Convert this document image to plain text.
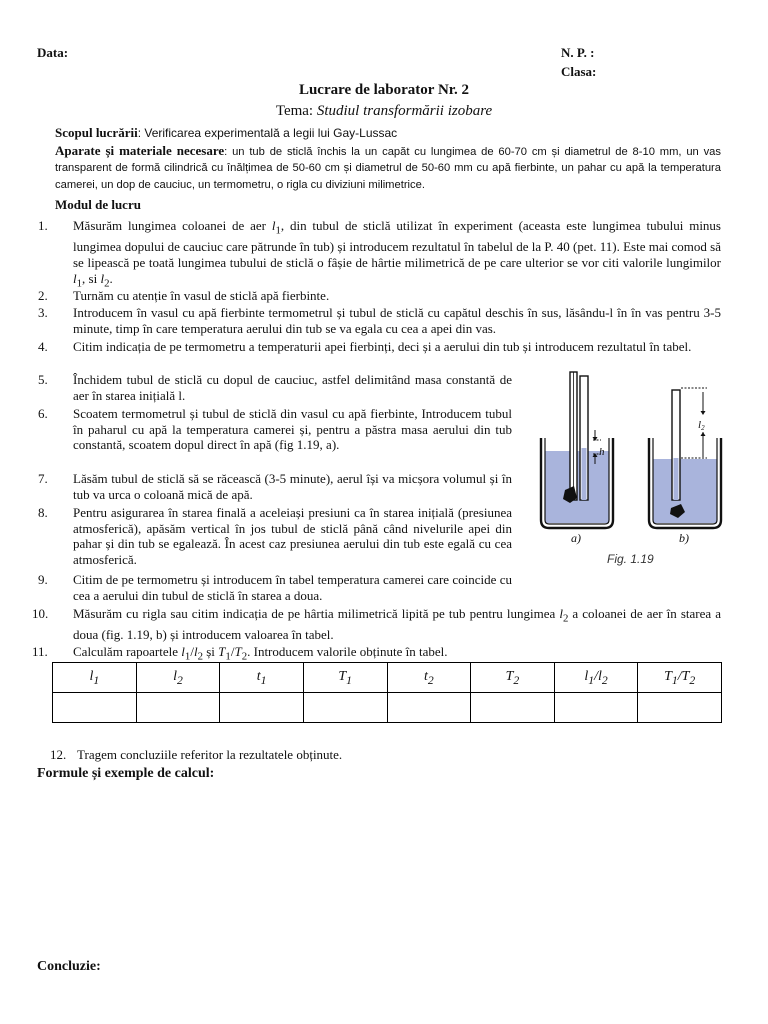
Data:	N. P. :
Clasa:
Lucrare de laborator Nr. 2
Tema: Studiul transformării izobare
Scopul lucrării: Verificarea experimentală a legii lui Gay-Lussac
Aparate și materiale necesare: un tub de sticlă închis la un capăt cu lungimea de 60-70 cm și diametrul de 8-10 mm, un vas transparent de formă cilindrică cu înălțimea de 50-60 cm și diametrul de 50-60 mm cu apă fierbinte, un pahar cu apă la temperatura camerei, un dop de cauciuc, un termometru, o rigla cu diviziuni milimetrice.
Modul de lucru
1. Măsurăm lungimea coloanei de aer $l_1$, din tubul de sticlă utilizat în experiment (aceasta este lungimea tubului minus lungimea dopului de cauciuc care pătrunde în tub) și introducem rezultatul în tabelul de la P. 40 (pet. 11). Este mai comod să se lipească pe toată lungimea tubului de sticlă o fâșie de hârtie milimetrică de pe care ulterior se vor citi valorile lungimilor $l_1$, si $l_2$.
2. Turnăm cu atenție în vasul de sticlă apă fierbinte.
3. Introducem în vasul cu apă fierbinte termometrul și tubul de sticlă cu capătul deschis în sus, lăsându-l în în vas pentru 3-5 minute, timp în care temperatura aerului din tub se va egala cu cea a apei din vas.
4. Citim indicația de pe termometru a temperaturii apei fierbinți, deci și a aerului din tub și introducem rezultatul în tabel.
5. Închidem tubul de sticlă cu dopul de cauciuc, astfel delimitând masa constantă de aer în starea inițială l.
6. Scoatem termometrul și tubul de sticlă din vasul cu apă fierbinte, Introducem tubul în paharul cu apă la temperatura camerei și, pentru a păstra masa aerului din tub constantă, scoatem dopul direct în apă (fig 1.19, a).
7. Lăsăm tubul de sticlă să se răcească (3-5 minute), aerul își va micșora volumul și în tub va urca o coloană mică de apă.
8. Pentru asigurarea în starea finală a aceleiași presiuni ca în starea inițială (presiunea atmosferică), apăsăm vertical în jos tubul de sticlă până când nivelurile apei din pahar și din tub se egalează. În acest caz presiunea aerului din tub este egală cu cea atmosferică.
9. Citim de pe termometru și introducem în tabel temperatura camerei care coincide cu cea a aerului din tubul de sticlă în starea a doua.
10. Măsurăm cu rigla sau citim indicația de pe hârtia milimetrică lipită pe tub pentru lungimea $l_2$ a coloanei de aer în starea a doua (fig. 1.19, b) și introducem valoarea în tabel.
11. Calculăm rapoartele $l_1/l_2$ și $T_1/T_2$. Introducem valorile obținute în tabel.
$l_1$	$l_2$	$t_1$	$T_1$	$t_2$	$T_2$	$l_1/l_2$	$T_1/T_2$

12. Tragem concluziile referitor la rezultatele obținute.
Formule și exemple de calcul:
Concluzie:
h
l2
a)	b)
Fig. 1.19
